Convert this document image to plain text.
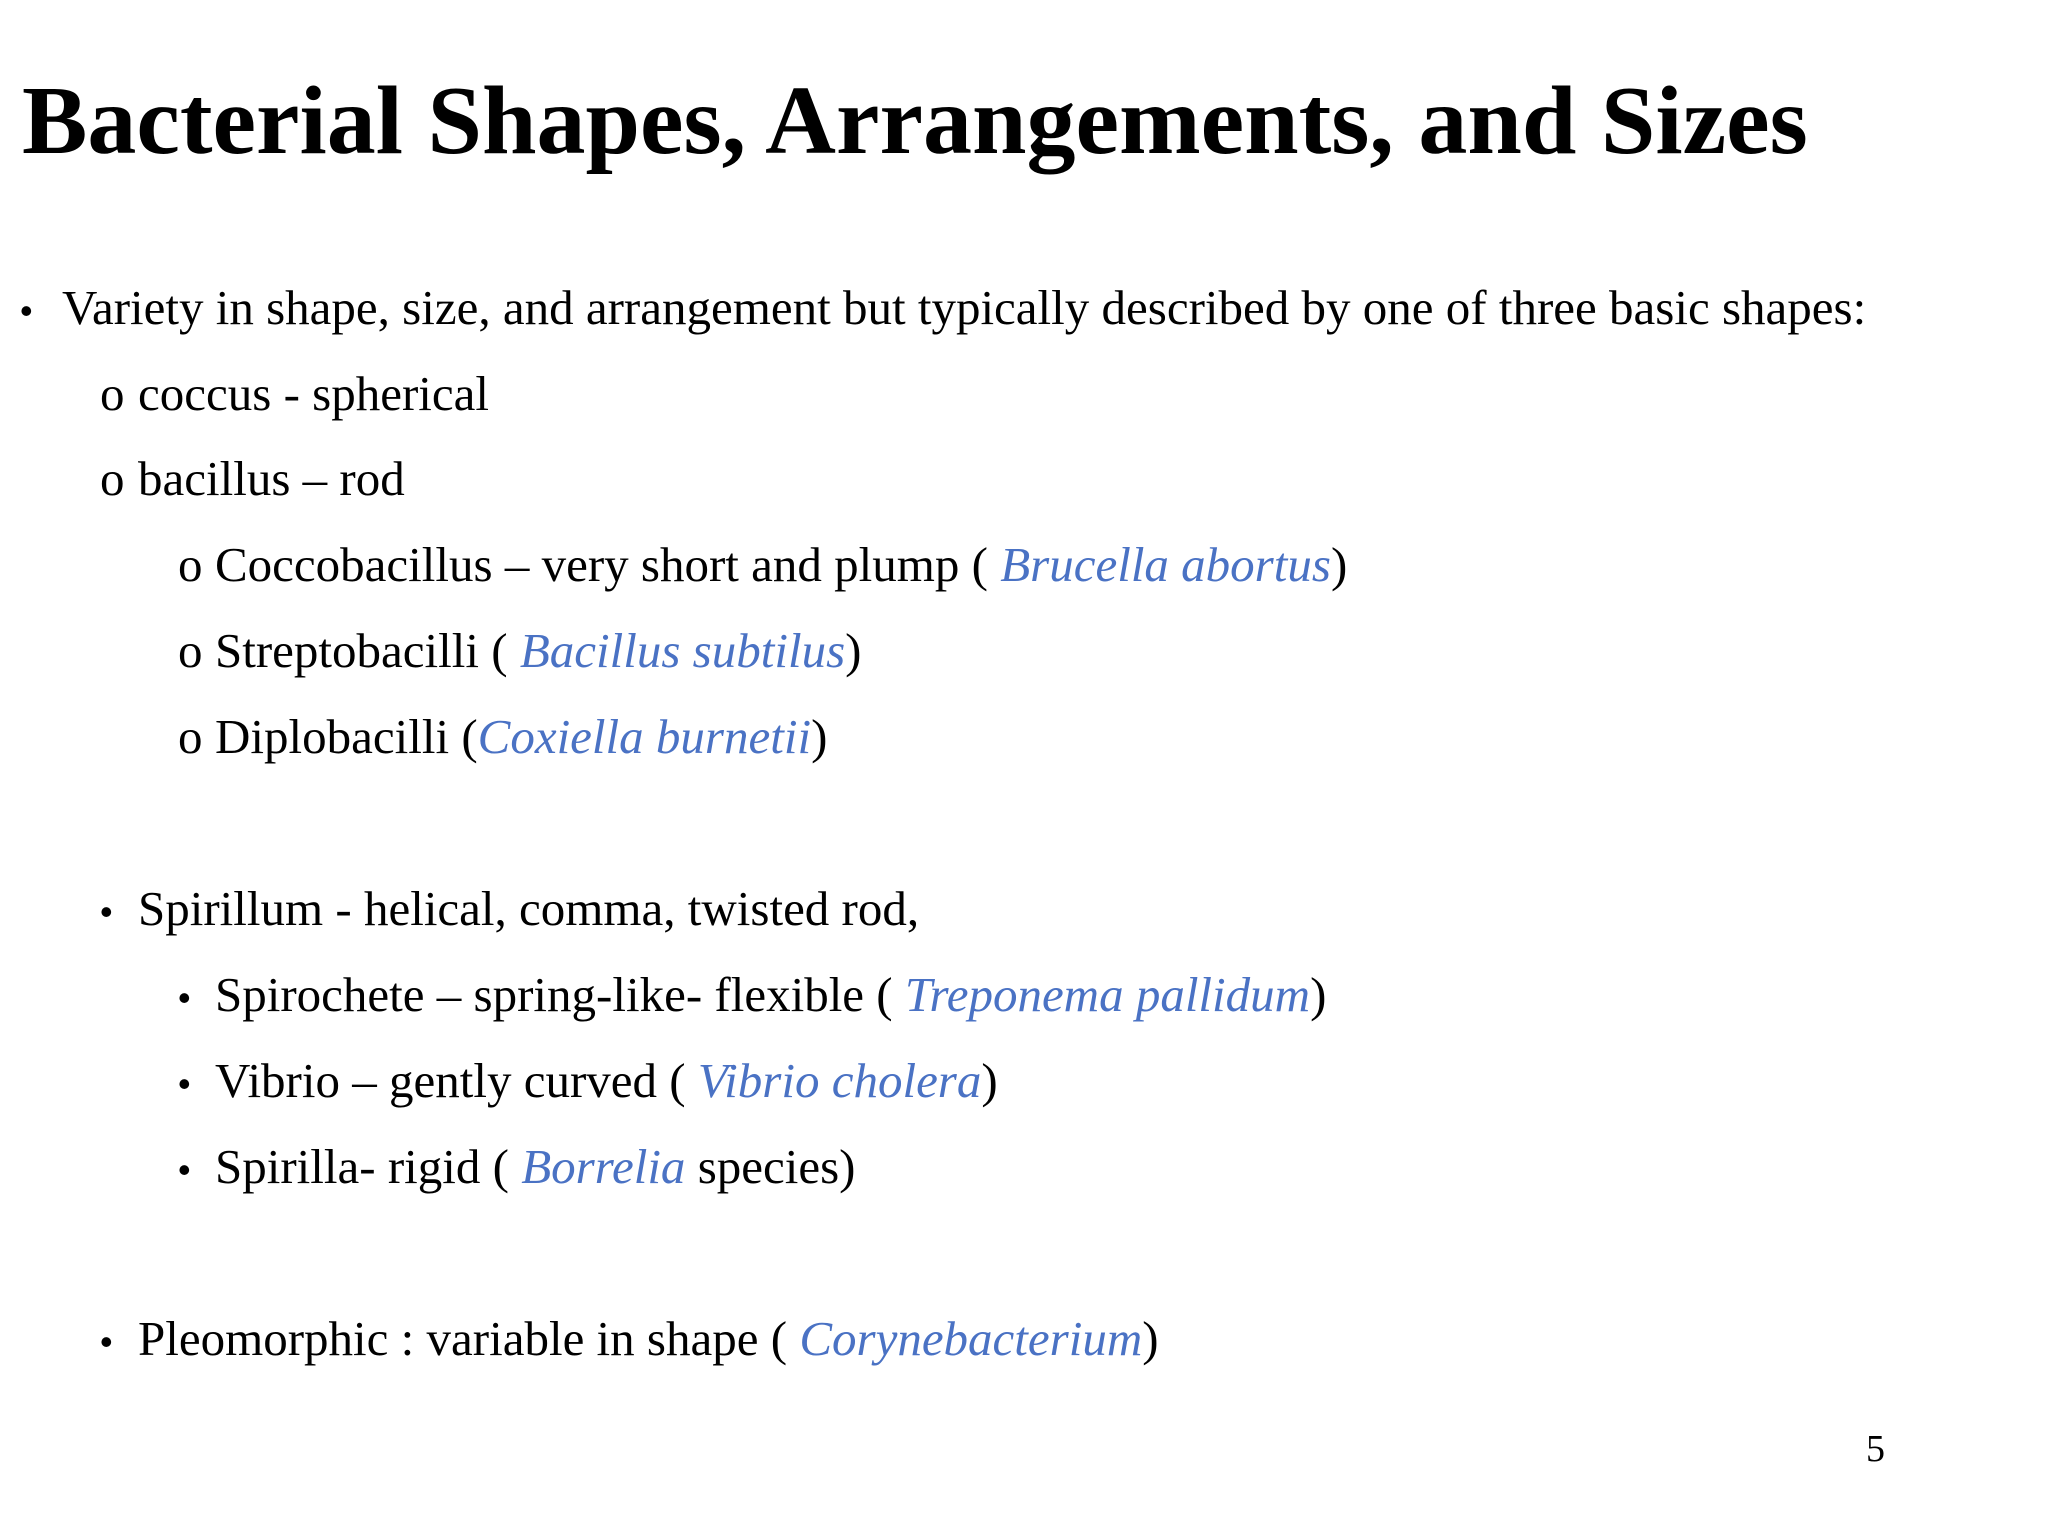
Bacterial Shapes, Arrangements, and Sizes
• Variety in shape, size, and arrangement but typically described by one of three basic shapes:
o coccus - spherical
o bacillus – rod
o Coccobacillus – very short and plump ( Brucella abortus)
o Streptobacilli ( Bacillus subtilus)
o Diplobacilli (Coxiella burnetii)
• Spirillum - helical, comma, twisted rod,
• Spirochete – spring-like- flexible ( Treponema pallidum)
• Vibrio – gently curved ( Vibrio cholera)
• Spirilla- rigid ( Borrelia species)
• Pleomorphic : variable in shape ( Corynebacterium)
5
